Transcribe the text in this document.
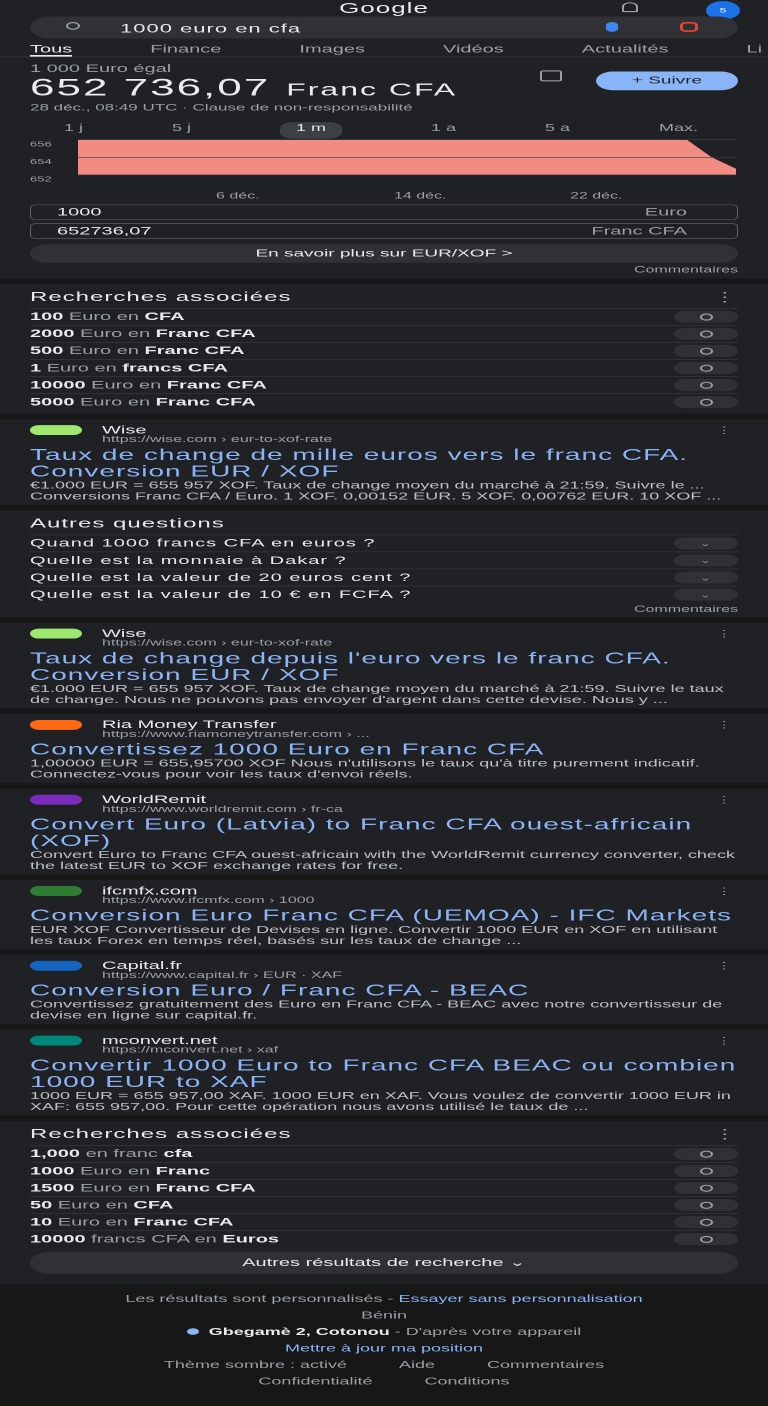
Google	5
1000 euro en cfa
Tous	Finance	Images	Vidéos	Actualités	Li
1 000 Euro égal
652 736,07 Franc CFA
28 déc., 08:49 UTC · Clause de non-responsabilité
+ Suivre
1 j	5 j	1 m	1 a	5 a	Max.
656
654
652
6 déc.	14 déc.	22 déc.
1000	Euro
652736,07	Franc CFA
En savoir plus sur EUR/XOF >
Commentaires
Recherches associées	⋮
100 Euro en CFA
2000 Euro en Franc CFA
500 Euro en Franc CFA
1 Euro en francs CFA
10000 Euro en Franc CFA
5000 Euro en Franc CFA
Wise
https://wise.com › eur-to-xof-rate
Taux de change de mille euros vers le franc CFA. Conversion EUR / XOF
€1.000 EUR = 655 957 XOF. Taux de change moyen du marché à 21:59. Suivre le ... Conversions Franc CFA / Euro. 1 XOF. 0,00152 EUR. 5 XOF. 0,00762 EUR. 10 XOF ...
⋮
Autres questions
Quand 1000 francs CFA en euros ?	⌄
Quelle est la monnaie à Dakar ?	⌄
Quelle est la valeur de 20 euros cent ?	⌄
Quelle est la valeur de 10 € en FCFA ?	⌄
Commentaires
Wise
https://wise.com › eur-to-xof-rate
Taux de change depuis l'euro vers le franc CFA. Conversion EUR / XOF
€1.000 EUR = 655 957 XOF. Taux de change moyen du marché à 21:59. Suivre le taux de change. Nous ne pouvons pas envoyer d'argent dans cette devise. Nous y ...
⋮
Ria Money Transfer
https://www.riamoneytransfer.com › ...
Convertissez 1000 Euro en Franc CFA
1,00000 EUR = 655,95700 XOF Nous n'utilisons le taux qu'à titre purement indicatif. Connectez-vous pour voir les taux d'envoi réels.
⋮
WorldRemit
https://www.worldremit.com › fr-ca
Convert Euro (Latvia) to Franc CFA ouest-africain (XOF)
Convert Euro to Franc CFA ouest-africain with the WorldRemit currency converter, check the latest EUR to XOF exchange rates for free.
⋮
ifcmfx.com
https://www.ifcmfx.com › 1000
Conversion Euro Franc CFA (UEMOA) - IFC Markets
EUR XOF Convertisseur de Devises en ligne. Convertir 1000 EUR en XOF en utilisant les taux Forex en temps réel, basés sur les taux de change ...
⋮
Capital.fr
https://www.capital.fr › EUR · XAF
Conversion Euro / Franc CFA - BEAC
Convertissez gratuitement des Euro en Franc CFA - BEAC avec notre convertisseur de devise en ligne sur capital.fr.
⋮
mconvert.net
https://mconvert.net › xaf
Convertir 1000 Euro to Franc CFA BEAC ou combien 1000 EUR to XAF
1000 EUR = 655 957,00 XAF. 1000 EUR en XAF. Vous voulez de convertir 1000 EUR in XAF: 655 957,00. Pour cette opération nous avons utilisé le taux de ...
⋮
Recherches associées	⋮
1,000 en franc cfa
1000 Euro en Franc
1500 Euro en Franc CFA
50 Euro en CFA
10 Euro en Franc CFA
10000 francs CFA en Euros
Autres résultats de recherche ⌄
Les résultats sont personnalisés - Essayer sans personnalisation
Bénin
Gbegamè 2, Cotonou - D'après votre appareil
Mettre à jour ma position
Thème sombre : activé	Aide	Commentaires
Confidentialité	Conditions
